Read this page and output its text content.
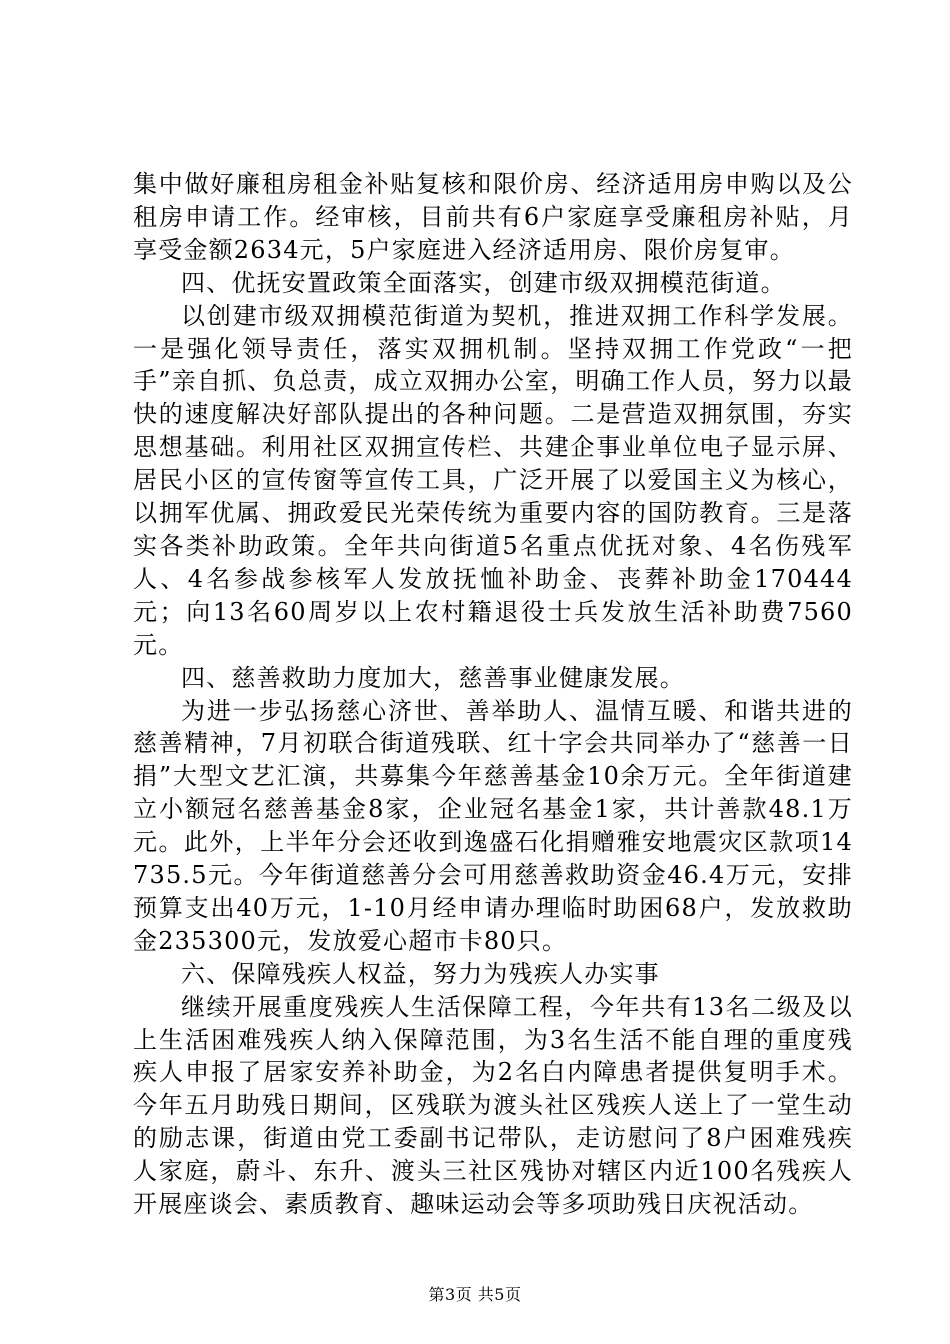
集中做好廉租房租金补贴复核和限价房、经济适用房申购以及公租房申请工作。经审核，目前共有6户家庭享受廉租房补贴，月享受金额2634元，5户家庭进入经济适用房、限价房复审。

四、优抚安置政策全面落实，创建市级双拥模范街道。

以创建市级双拥模范街道为契机，推进双拥工作科学发展。一是强化领导责任，落实双拥机制。坚持双拥工作党政“一把手”亲自抓、负总责，成立双拥办公室，明确工作人员，努力以最快的速度解决好部队提出的各种问题。二是营造双拥氛围，夯实思想基础。利用社区双拥宣传栏、共建企事业单位电子显示屏、居民小区的宣传窗等宣传工具，广泛开展了以爱国主义为核心，以拥军优属、拥政爱民光荣传统为重要内容的国防教育。三是落实各类补助政策。全年共向街道5名重点优抚对象、4名伤残军人、4名参战参核军人发放抚恤补助金、丧葬补助金170444元；向13名60周岁以上农村籍退役士兵发放生活补助费7560元。

四、慈善救助力度加大，慈善事业健康发展。

为进一步弘扬慈心济世、善举助人、温情互暖、和谐共进的慈善精神，7月初联合街道残联、红十字会共同举办了“慈善一日捐”大型文艺汇演，共募集今年慈善基金10余万元。全年街道建立小额冠名慈善基金8家，企业冠名基金1家，共计善款48.1万元。此外，上半年分会还收到逸盛石化捐赠雅安地震灾区款项14735.5元。今年街道慈善分会可用慈善救助资金46.4万元，安排预算支出40万元，1-10月经申请办理临时助困68户，发放救助金235300元，发放爱心超市卡80只。

六、保障残疾人权益，努力为残疾人办实事

继续开展重度残疾人生活保障工程，今年共有13名二级及以上生活困难残疾人纳入保障范围，为3名生活不能自理的重度残疾人申报了居家安养补助金，为2名白内障患者提供复明手术。今年五月助残日期间，区残联为渡头社区残疾人送上了一堂生动的励志课，街道由党工委副书记带队，走访慰问了8户困难残疾人家庭，蔚斗、东升、渡头三社区残协对辖区内近100名残疾人开展座谈会、素质教育、趣味运动会等多项助残日庆祝活动。

第3页 共5页
